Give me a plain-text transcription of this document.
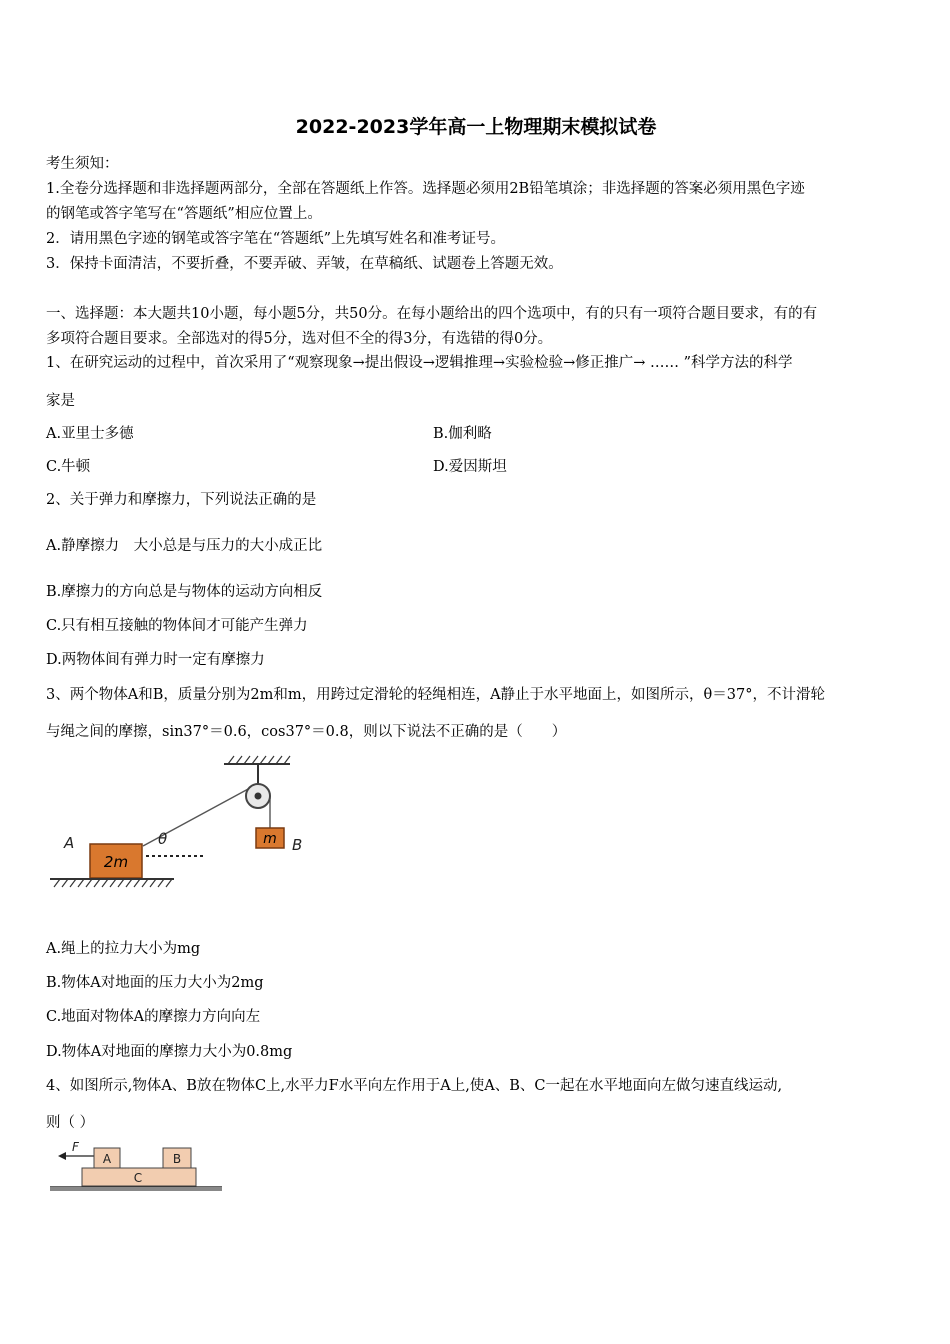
2022-2023学年高一上物理期末模拟试卷
考生须知：
1.全卷分选择题和非选择题两部分，全部在答题纸上作答。选择题必须用2B铅笔填涂；非选择题的答案必须用黑色字迹
的钢笔或答字笔写在“答题纸”相应位置上。
2．请用黑色字迹的钢笔或答字笔在“答题纸”上先填写姓名和准考证号。
3．保持卡面清洁，不要折叠，不要弄破、弄皱，在草稿纸、试题卷上答题无效。
一、选择题：本大题共10小题，每小题5分，共50分。在每小题给出的四个选项中，有的只有一项符合题目要求，有的有
多项符合题目要求。全部选对的得5分，选对但不全的得3分，有选错的得0分。
1、在研究运动的过程中，首次采用了“观察现象→提出假设→逻辑推理→实验检验→修正推广→ …… ”科学方法的科学
家是
A.亚里士多德	B.伽利略
C.牛顿	D.爱因斯坦
2、关于弹力和摩擦力，下列说法正确的是
A.静摩擦力　大小总是与压力的大小成正比
B.摩擦力的方向总是与物体的运动方向相反
C.只有相互接触的物体间才可能产生弹力
D.两物体间有弹力时一定有摩擦力
3、两个物体A和B，质量分别为2m和m，用跨过定滑轮的轻绳相连，A静止于水平地面上，如图所示，θ＝37°，不计滑轮
与绳之间的摩擦，sin37°＝0.6，cos37°＝0.8，则以下说法不正确的是（　　）
m B
θ
A
2m
A.绳上的拉力大小为mg
B.物体A对地面的压力大小为2mg
C.地面对物体A的摩擦力方向向左
D.物体A对地面的摩擦力大小为0.8mg
4、如图所示,物体A、B放在物体C上,水平力F水平向左作用于A上,使A、B、C一起在水平地面向左做匀速直线运动,
则（ ）
F
A	B
C
